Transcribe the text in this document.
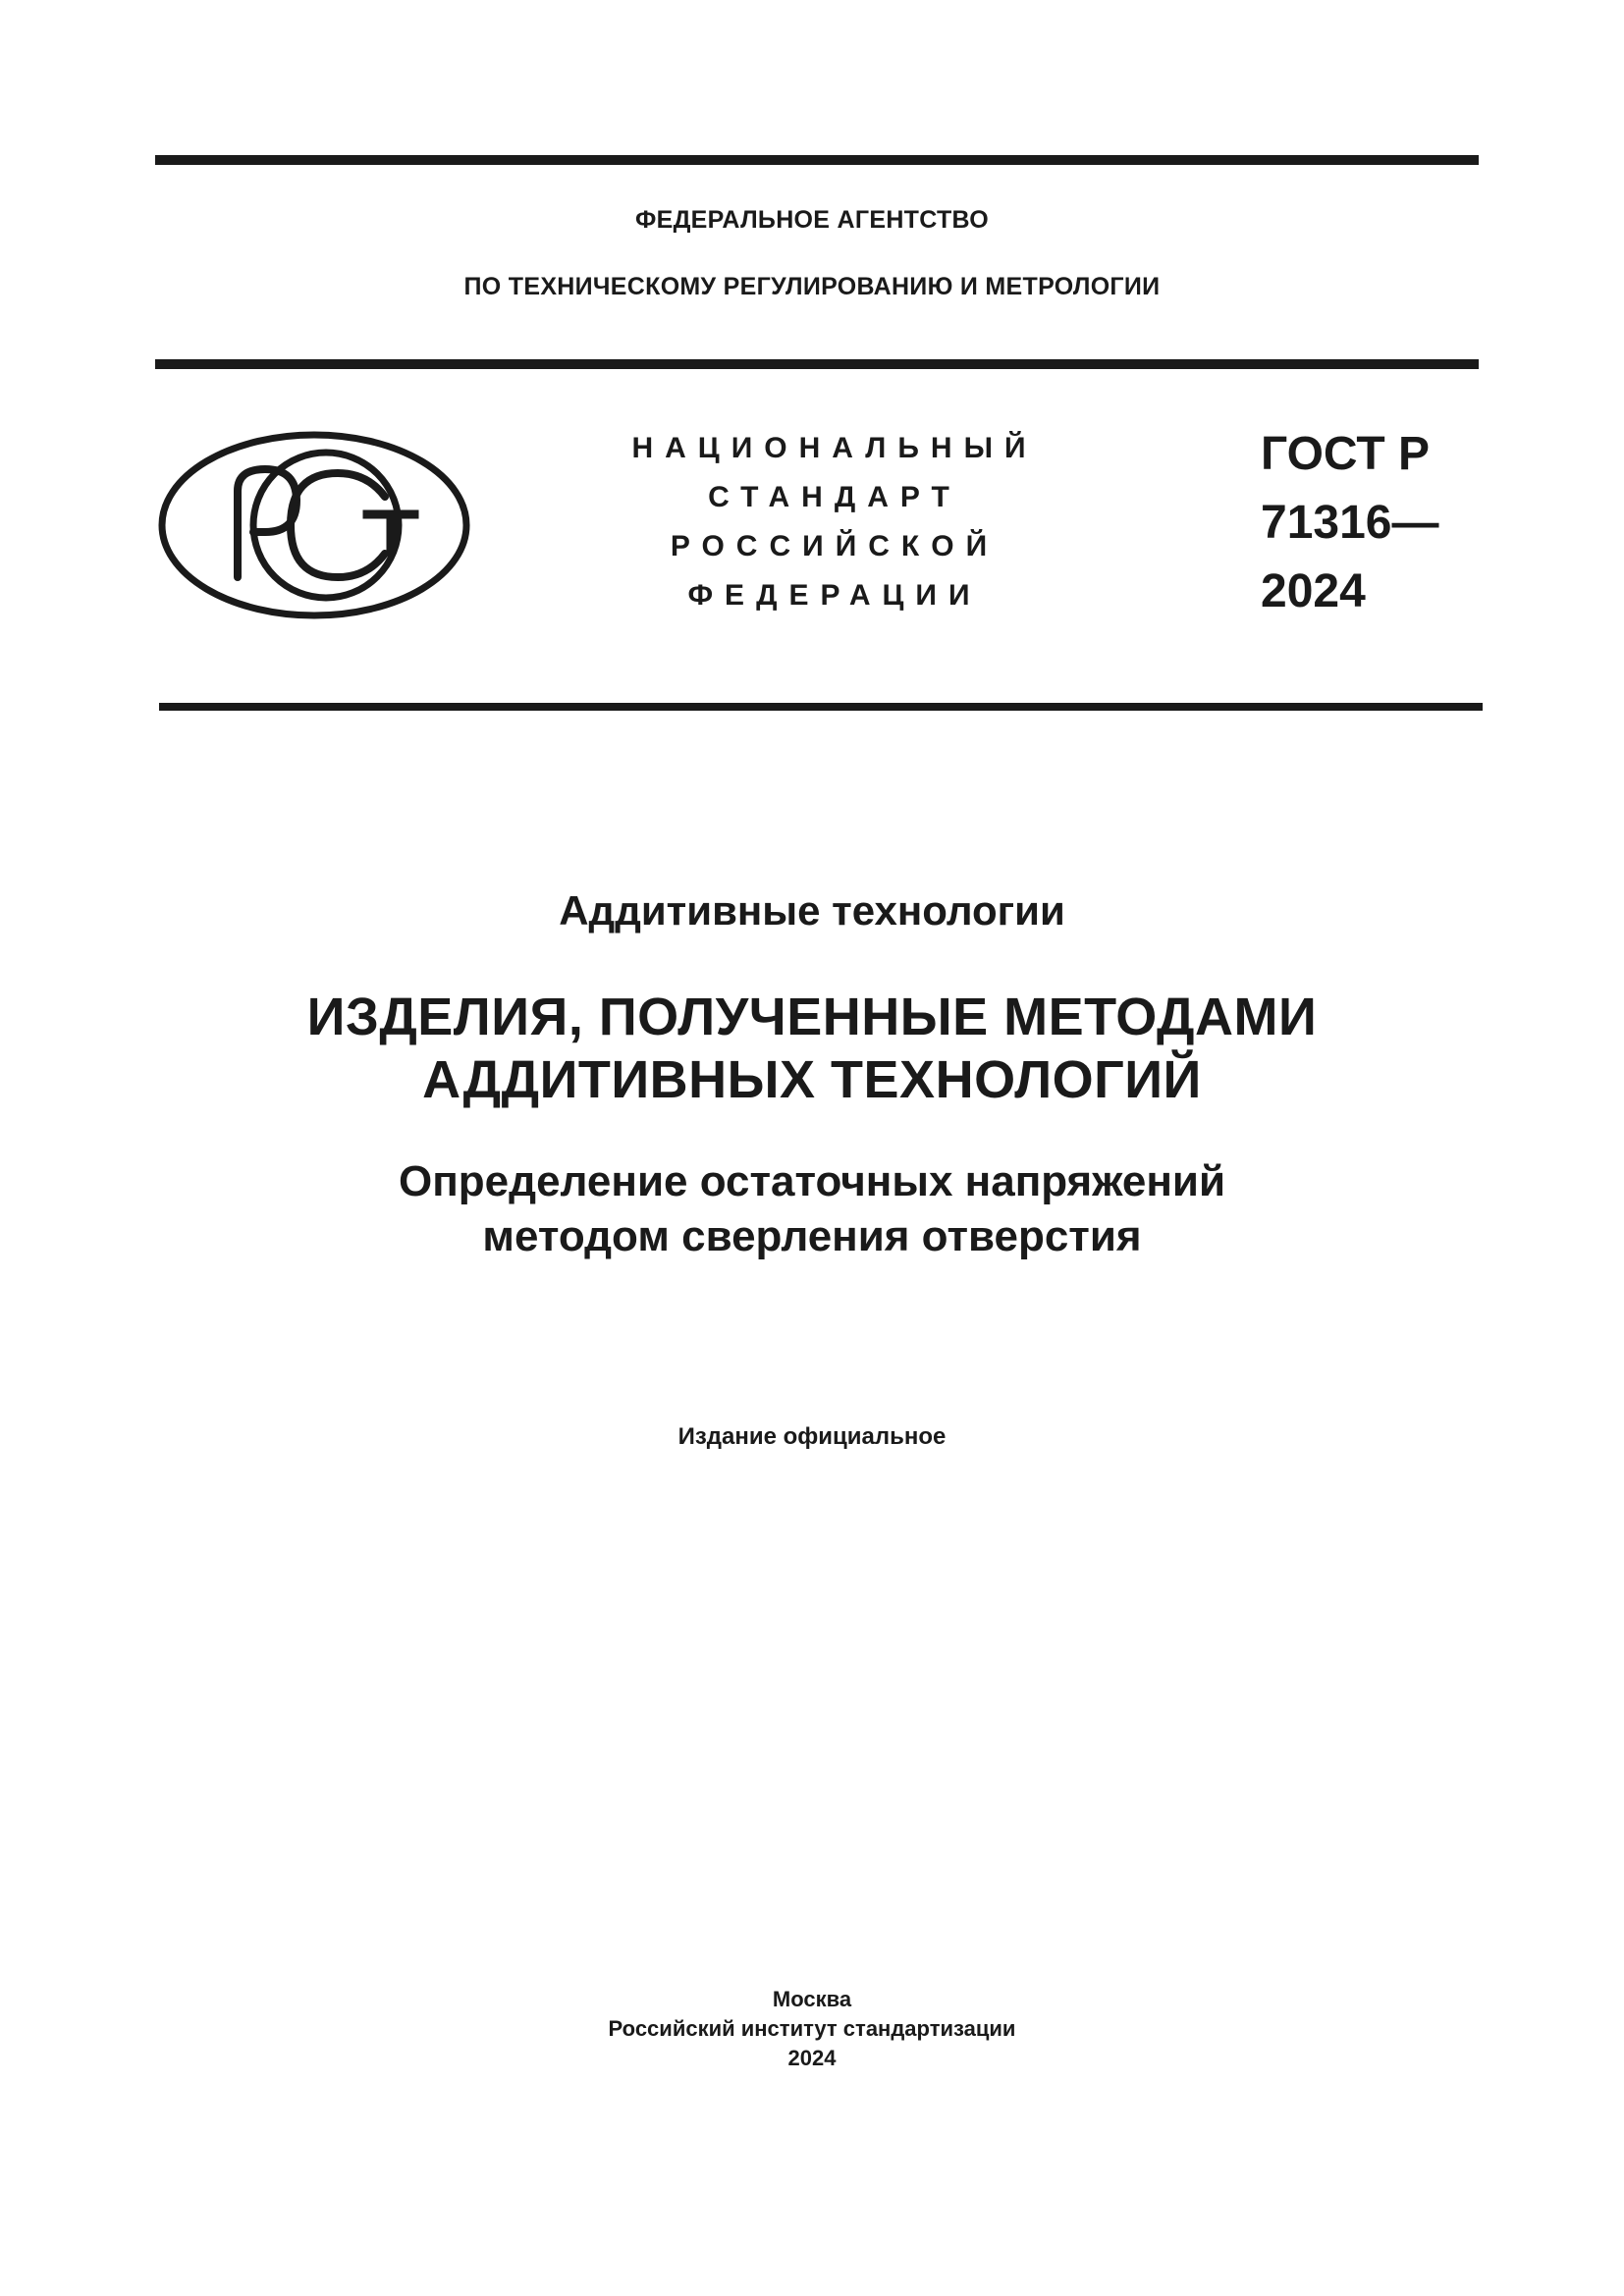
ФЕДЕРАЛЬНОЕ АГЕНТСТВО
ПО ТЕХНИЧЕСКОМУ РЕГУЛИРОВАНИЮ И МЕТРОЛОГИИ
НАЦИОНАЛЬНЫЙ
СТАНДАРТ
РОССИЙСКОЙ
ФЕДЕРАЦИИ
ГОСТ Р
71316—
2024
Аддитивные технологии
ИЗДЕЛИЯ, ПОЛУЧЕННЫЕ МЕТОДАМИ
АДДИТИВНЫХ ТЕХНОЛОГИЙ
Определение остаточных напряжений
методом сверления отверстия
Издание официальное
Москва
Российский институт стандартизации
2024
